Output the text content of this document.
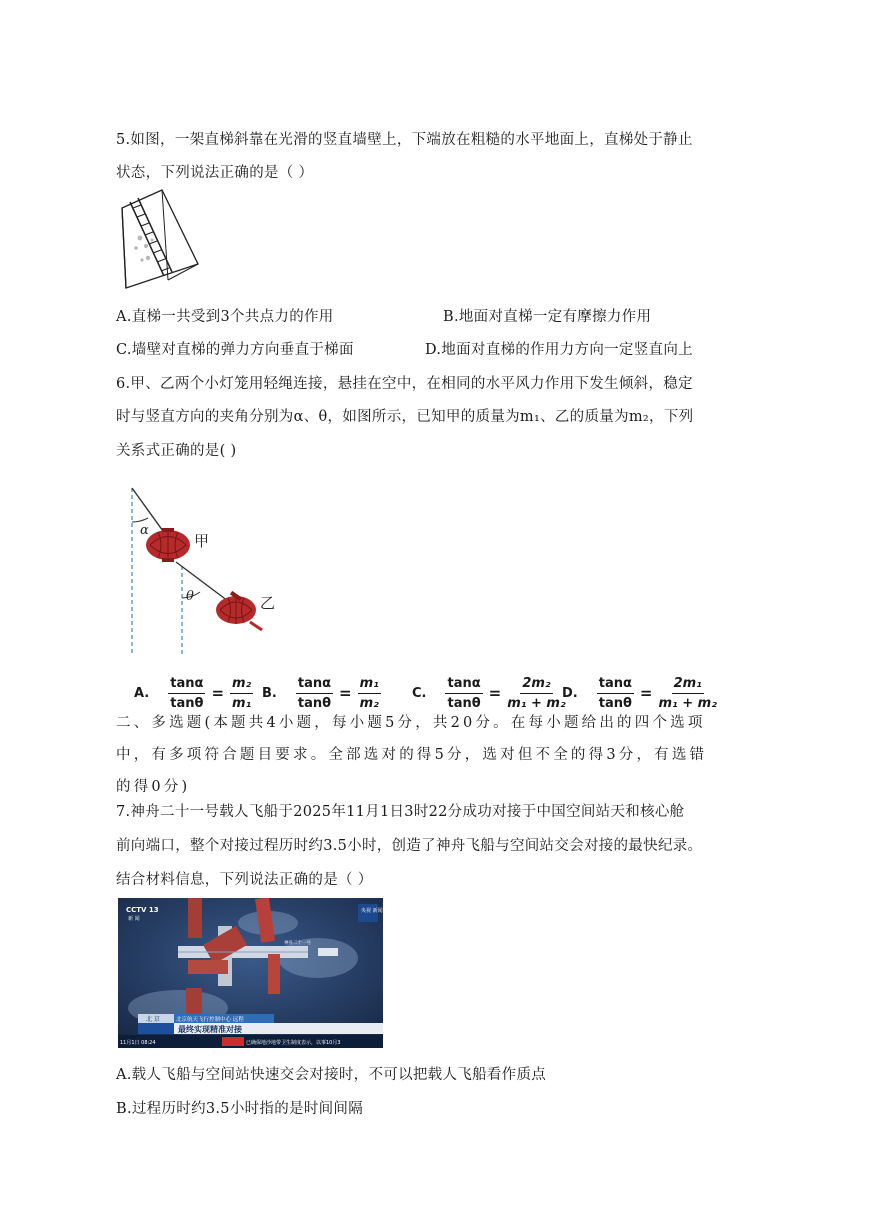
5.如图，一架直梯斜靠在光滑的竖直墙壁上，下端放在粗糙的水平地面上，直梯处于静止
状态，下列说法正确的是（ ）
A.直梯一共受到3个共点力的作用	B.地面对直梯一定有摩擦力作用
C.墙壁对直梯的弹力方向垂直于梯面	D.地面对直梯的作用力方向一定竖直向上
6.甲、乙两个小灯笼用轻绳连接，悬挂在空中，在相同的水平风力作用下发生倾斜，稳定
时与竖直方向的夹角分别为α、θ，如图所示，已知甲的质量为m₁、乙的质量为m₂，下列
关系式正确的是( )
α
θ
甲
乙
A. $\frac{\tan\alpha}{\tan\theta} = \frac{\text{m₂}}{\text{m₁}} B$. $\frac{\tan\alpha}{\tan\theta} = \frac{\text{m₁}}{\text{m₂}} C$. $\frac{\tan\alpha}{\tan\theta} = \frac{\text{2m₂}}{\text{m₁ + m₂}}$
D. $\frac{\tan\alpha}{\tan\theta} = \frac{\text{2m₁}}{\text{m₁ + m₂}}$
二、多选题(本题共4小题，每小题5分，共20分。在每小题给出的四个选项
中，有多项符合题目要求。全部选对的得5分，选对但不全的得3分，有选错
的得0分)
7.神舟二十一号载人飞船于2025年11月1日3时22分成功对接于中国空间站天和核心舱
前向端口，整个对接过程历时约3.5小时，创造了神舟飞船与空间站交会对接的最快纪录。
结合材料信息，下列说法正确的是（ ）
神舟二十一号
CCTV 13
新 闻
央视 新闻
北 京	北京航天飞行控制中心 远程
最终实现精准对接
11月1日 08:24	已确保地沙地带卫生制度表示，以事10月3
A.载人飞船与空间站快速交会对接时，不可以把载人飞船看作质点
B.过程历时约3.5小时指的是时间间隔
